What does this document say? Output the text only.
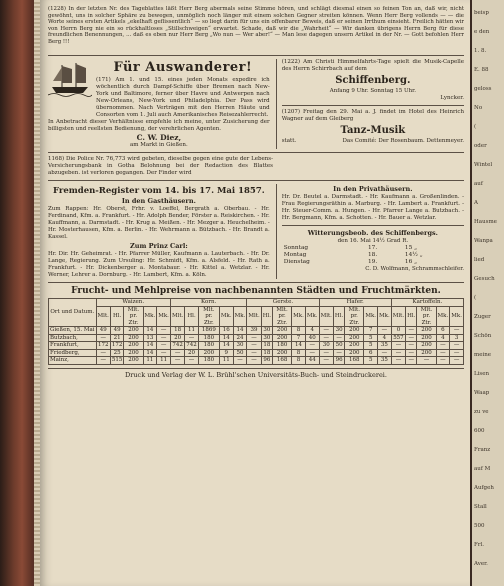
(1228) In der letzten Nr. des Tageblattes läßt Herr Berg abermals seine Stimme hören, und schlägt diesmal einen so feinen Ton an, daß wir, nicht gewöhnt, uns in solcher Sphäre zu bewegen, unmöglich noch länger mit einem solchen Gegner streiten können. Wenn Herr Berg vollends — — die Worte seines ersten Artikels „ekelhaft geflissentlich“ — so liegt darin für uns ein offenbarer Beweis, daß er seinen Irrthum einsieht. Freilich hätten wir von Herrn Berg nie ein so rückhaltloses „Stillschweigen“ erwartet. Schade, daß wir die „Wahrheit“ — Wir danken übrigens Herrn Berg für diese freundlichen Benennungen, ... daß es eben nur Herr Berg „Wo nun — Wer aber!“ — Man lese dagegen unsern Artikel in der Nr. — Gott befohlen Herr Berg !!!

Für Auswanderer!

(171) Am 1. und 15. eines jeden Monats expedire ich wöchentlich durch Dampf-Schiffe über Bremen nach New-York und Baltimore, ferner über Havre und Antwerpen nach New-Orleans, New-York und Philadelphia. Der Pass wird übernommen. Nach Verträgen mit den Herren Häute und Consorten vom 1. Juli auch Amerikanisches Reisezahlerrecht.

In Anbetracht dieser Verhältnisse empfehle ich meine, unter Zusicherung der billigsten und reellsten Bedienung, der verehrlichen Agenten.

C. W. Diez,
am Markt in Gießen.

(1222) Am Christi Himmelfahrts-Tage spielt die Musik-Capelle des Herrn Schirrbach auf dem

Schiffenberg.
Anfang 9 Uhr. Sonntag 15 Uhr.
Lyncker.

(1207) Freitag den 29. Mai a. J. findet im Hotel des Heinrich Wagner auf dem Gleiberg

Tanz-Musik
statt.	Das Comité: Der Rosenbaum. Dettenmeyer.

1168) Die Police Nr. 76,773 wird gebeten, dieselbe gegen eine gute der Lebens-Versicherungsbank in Gotha Belohnung bei der Redaction des Blattes abzugeben. ist verloren gegangen. Der Finder wird

Fremden-Register vom 14. bis 17. Mai 1857.
In den Gasthäusern.

Zum Rappen: Hr. Oberst, Frhr. v. Loeffel, Bergrath a. Oberbau. - Hr. Ferdinand, Kfm. a. Frankfurt. - Hr. Adolph Bender, Förster a. Reiskirchen. - Hr. Kauffmann, a. Darmstadt. - Hr. Krug a. Meißen. - Hr. Mezger a. Heuchelheim. - Hr. Mosterhausen, Kfm. a. Berlin. - Hr. Wehrmann a. Bützbach. - Hr. Brandt a. Kassel.

Zum Prinz Carl:

Hr. Dir. Hr. Geheimrat. - Hr. Pfarrer Müller, Kaufmann a. Lauterbach. - Hr. Dr. Lange, Regierung. Zum Ursuling: Hr. Schmidt, Kfm. a. Alsfeld. - Hr. Rath a. Frankfurt. - Hr. Dickenberger a. Montabaur. - Hr. Kittel a. Wetzlar. - Hr. Werner, Lehrer a. Dornburg. - Hr. Lambert, Kfm. a. Köln.

In den Privathäusern.

Hr. Dr. Beutel a. Darmstadt. - Hr. Kaufmann a. Großenlinden. - Frau Regierungsräthin a. Marburg. - Hr. Lambert a. Frankfurt. - Hr. Steuer-Comm. a. Hungen. - Hr. Pfarrer Lange a. Butzbach. - Hr. Bergmann, Kfm. a. Schotten. - Hr. Bauer a. Wetzlar.

Witterungsbeob. des Schiffenbergs.
den 16. Mai 14½ Grad R.
Sonntag	17.	15 „
Montag	18.	14½ „
Dienstag	19.	16 „
C. D. Wolfmann, Schrammschleifer.
Frucht- und Mehlpreise von nachbenannten Städten und Fruchtmärkten.
Ort und Datum.	Waizen.					Korn.					Gerste.					Hafer.					Kartoffeln.				
	Mlt.	Hl.	Mlt. pr. Ztr.	Mk.	Mk.	Mlt.	Hl.	Mlt. pr. Ztr.	Mk.	Mk.	Mlt.	Hl.	Mlt. pr. Ztr.	Mk.	Mk.	Mlt.	Hl.	Mlt. pr. Ztr.	Mk.	Mk.	Mlt.	Hl.	Mlt. pr. Ztr.	Mk.	Mk.
Gießen, 15. Mai	49	49	200	14	—	18	11	1869	16	14	39	30	200	8	4	—	30	200	7	—	0	—	200	6	—
Butzbach,	—	21	200	13	—	20	—	180	14	24	—	30	200	7	40	—	—	200	5	4	557	—	200	4	3
Frankfurt,	172	172	200	14	—	742	742	180	14	30	—	18	180	14	—	30	50	200	5	35	—	—	200	—	—
Friedberg,	—	25	200	14	—	—	20	200	9	50	—	18	200	8	—	—	—	200	6	—	—	—	200	—	—
Mainz,	—	515	200	11	11	—	—	180	11	—	—	96	168	8	44	—	96	168	5	35	—	—	—	—	—
Druck und Verlag der W. L. Brühl'schen Universitäts-Buch- und Steindruckerei.
beisp
e den
1. 8.
E. 88
geloss
No
(
oder
Wintel
auf
A
Hausme
Wanpa
lied
Gesuch
(
Zuger
Schön
meine
Lisen
Waap
zu ve
600
Franz
auf M
Aufgeh
Stall
500
Frl.
Aver.
